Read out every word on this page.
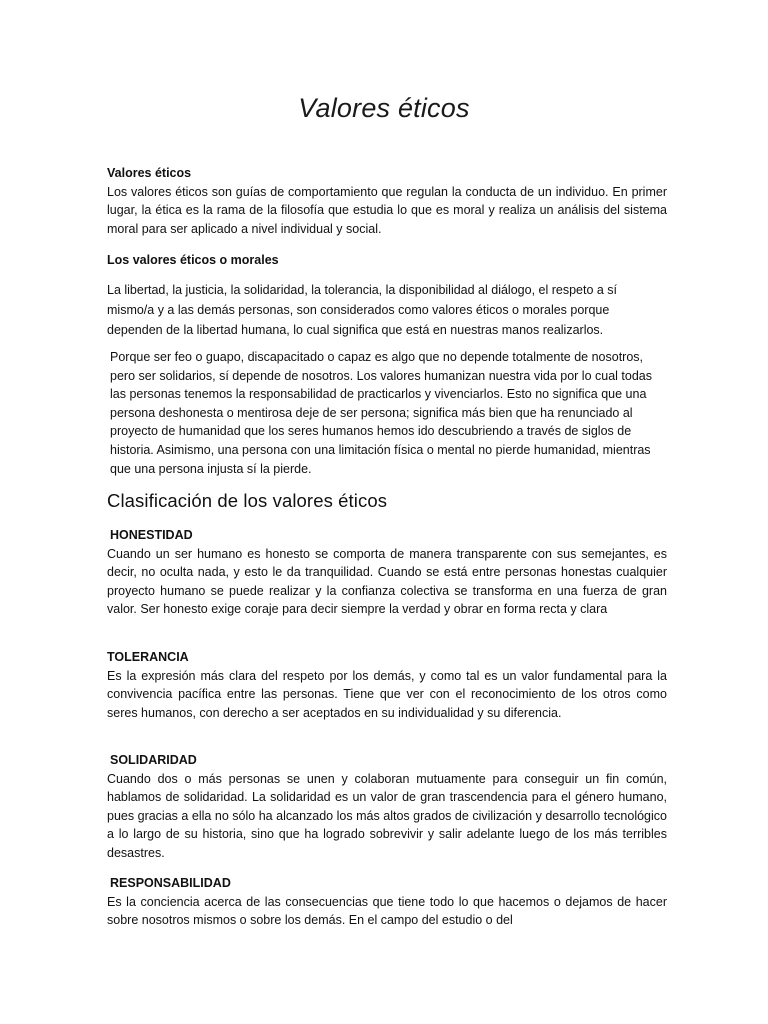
Valores éticos

Valores éticos

Los valores éticos son guías de comportamiento que regulan la conducta de un individuo. En primer lugar, la ética es la rama de la filosofía que estudia lo que es moral y realiza un análisis del sistema moral para ser aplicado a nivel individual y social.

Los valores éticos o morales

La libertad, la justicia, la solidaridad, la tolerancia, la disponibilidad al diálogo, el respeto a sí mismo/a y a las demás personas, son considerados como valores éticos o morales porque dependen de la libertad humana, lo cual significa que está en nuestras manos realizarlos.

Porque ser feo o guapo, discapacitado o capaz es algo que no depende totalmente de nosotros, pero ser solidarios, sí depende de nosotros. Los valores humanizan nuestra vida por lo cual todas las personas tenemos la responsabilidad de practicarlos y vivenciarlos. Esto no significa que una persona deshonesta o mentirosa deje de ser persona; significa más bien que ha renunciado al proyecto de humanidad que los seres humanos hemos ido descubriendo a través de siglos de historia. Asimismo, una persona con una limitación física o mental no pierde humanidad, mientras que una persona injusta sí la pierde.

Clasificación de los valores éticos

HONESTIDAD

Cuando un ser humano es honesto se comporta de manera transparente con sus semejantes, es decir, no oculta nada, y esto le da tranquilidad. Cuando se está entre personas honestas cualquier proyecto humano se puede realizar y la confianza colectiva se transforma en una fuerza de gran valor. Ser honesto exige coraje para decir siempre la verdad y obrar en forma recta y clara

TOLERANCIA

Es la expresión más clara del respeto por los demás, y como tal es un valor fundamental para la convivencia pacífica entre las personas. Tiene que ver con el reconocimiento de los otros como seres humanos, con derecho a ser aceptados en su individualidad y su diferencia.

SOLIDARIDAD

Cuando dos o más personas se unen y colaboran mutuamente para conseguir un fin común, hablamos de solidaridad. La solidaridad es un valor de gran trascendencia para el género humano, pues gracias a ella no sólo ha alcanzado los más altos grados de civilización y desarrollo tecnológico a lo largo de su historia, sino que ha logrado sobrevivir y salir adelante luego de los más terribles desastres.

RESPONSABILIDAD

Es la conciencia acerca de las consecuencias que tiene todo lo que hacemos o dejamos de hacer sobre nosotros mismos o sobre los demás. En el campo del estudio o del
